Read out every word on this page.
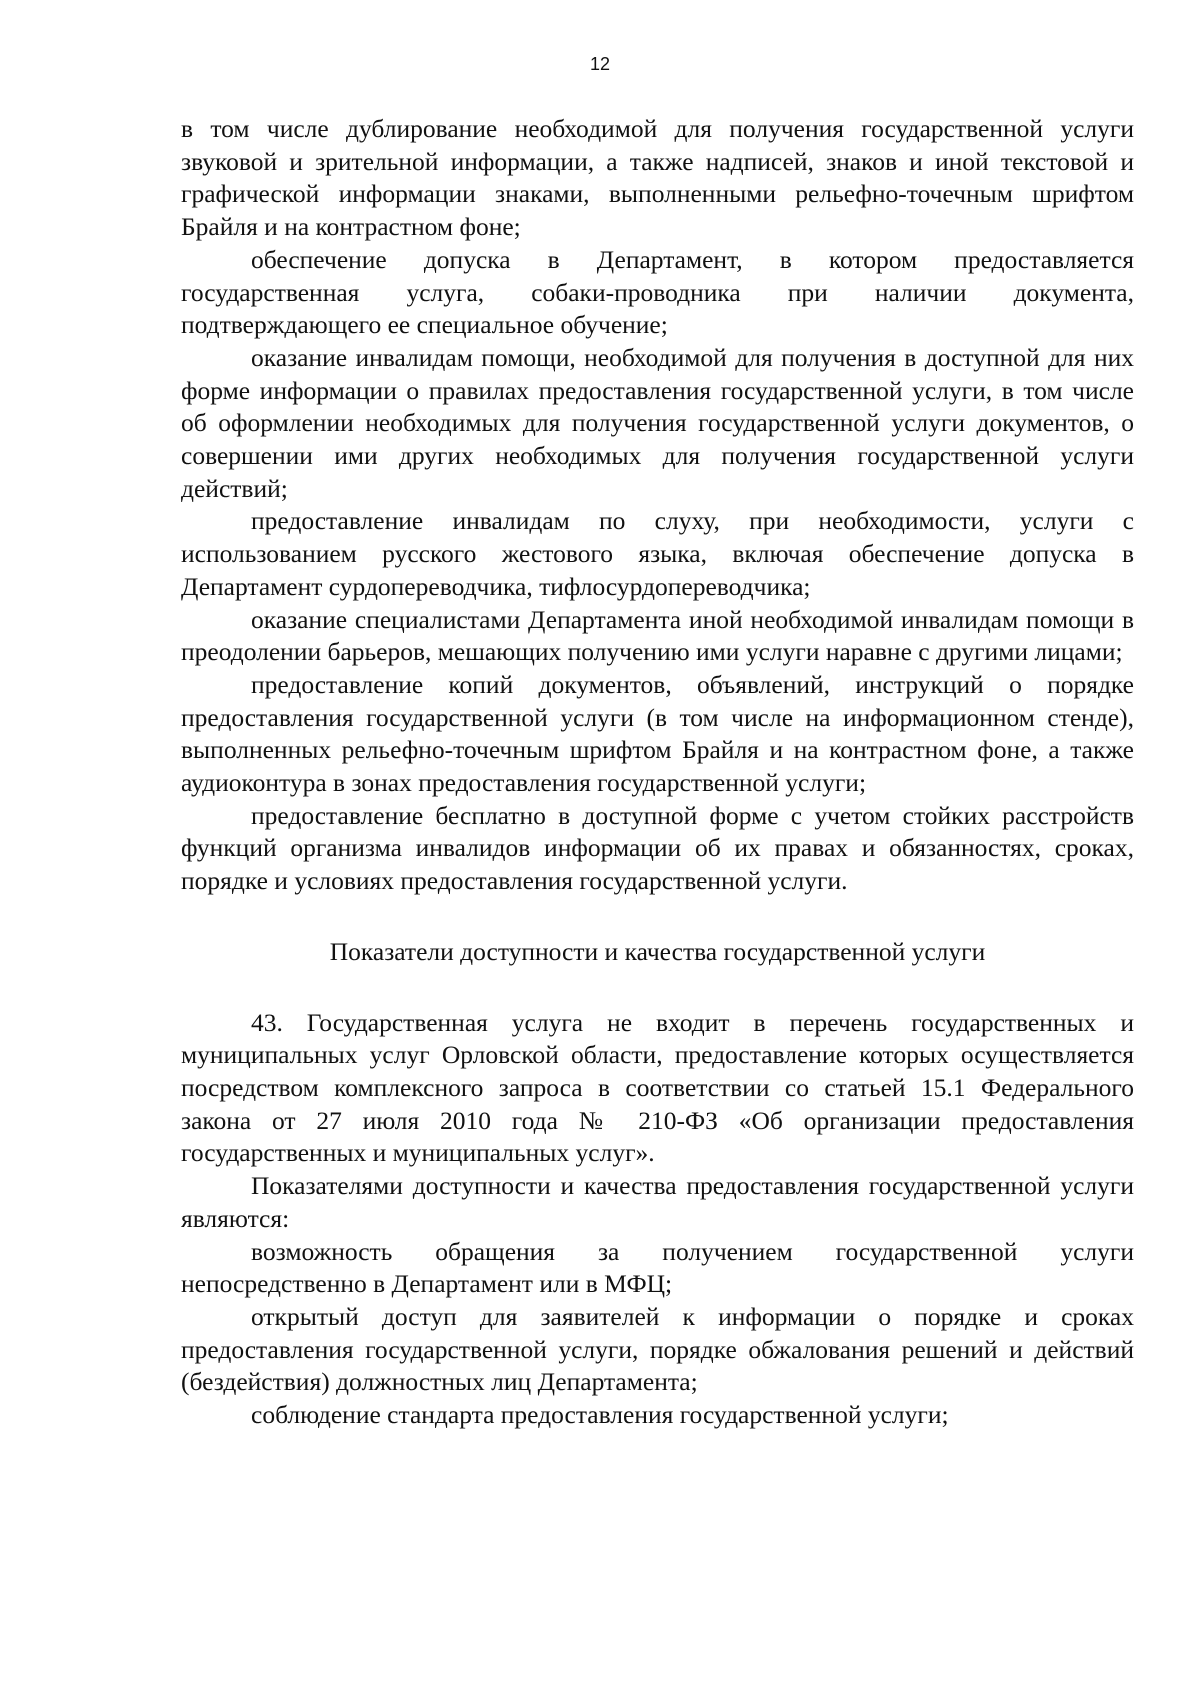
12

в том числе дублирование необходимой для получения государственной услуги звуковой и зрительной информации, а также надписей, знаков и иной текстовой и графической информации знаками, выполненными рельефно-точечным шрифтом Брайля и на контрастном фоне;

обеспечение допуска в Департамент, в котором предоставляется государственная услуга, собаки-проводника при наличии документа, подтверждающего ее специальное обучение;

оказание инвалидам помощи, необходимой для получения в доступной для них форме информации о правилах предоставления государственной услуги, в том числе об оформлении необходимых для получения государственной услуги документов, о совершении ими других необходимых для получения государственной услуги действий;

предоставление инвалидам по слуху, при необходимости, услуги с использованием русского жестового языка, включая обеспечение допуска в Департамент сурдопереводчика, тифлосурдопереводчика;

оказание специалистами Департамента иной необходимой инвалидам помощи в преодолении барьеров, мешающих получению ими услуги наравне с другими лицами;

предоставление копий документов, объявлений, инструкций о порядке предоставления государственной услуги (в том числе на информационном стенде), выполненных рельефно-точечным шрифтом Брайля и на контрастном фоне, а также аудиоконтура в зонах предоставления государственной услуги;

предоставление бесплатно в доступной форме с учетом стойких расстройств функций организма инвалидов информации об их правах и обязанностях, сроках, порядке и условиях предоставления государственной услуги.

Показатели доступности и качества государственной услуги

43. Государственная услуга не входит в перечень государственных и муниципальных услуг Орловской области, предоставление которых осуществляется посредством комплексного запроса в соответствии со статьей 15.1 Федерального закона от 27 июля 2010 года № 210-ФЗ «Об организации предоставления государственных и муниципальных услуг».

Показателями доступности и качества предоставления государственной услуги являются:

возможность обращения за получением государственной услуги непосредственно в Департамент или в МФЦ;

открытый доступ для заявителей к информации о порядке и сроках предоставления государственной услуги, порядке обжалования решений и действий (бездействия) должностных лиц Департамента;

соблюдение стандарта предоставления государственной услуги;
